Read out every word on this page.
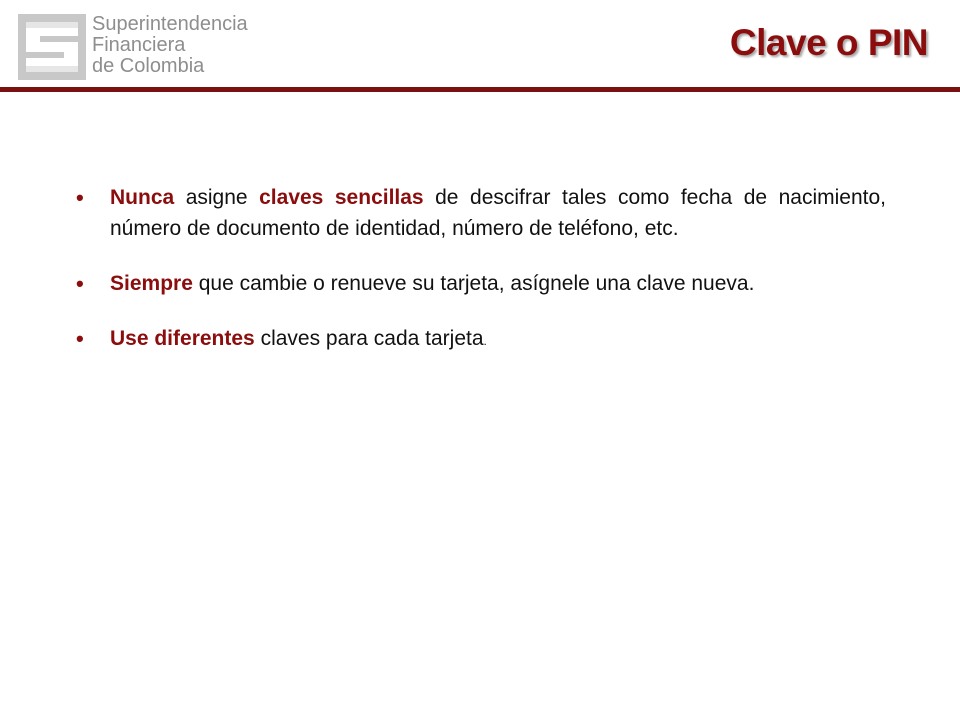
Superintendencia
Financiera
de Colombia
Clave o PIN
• Nunca asigne claves sencillas de descifrar tales como fecha de nacimiento, número de documento de identidad, número de teléfono, etc.
• Siempre que cambie o renueve su tarjeta, asígnele una clave nueva.
• Use diferentes claves para cada tarjeta.
